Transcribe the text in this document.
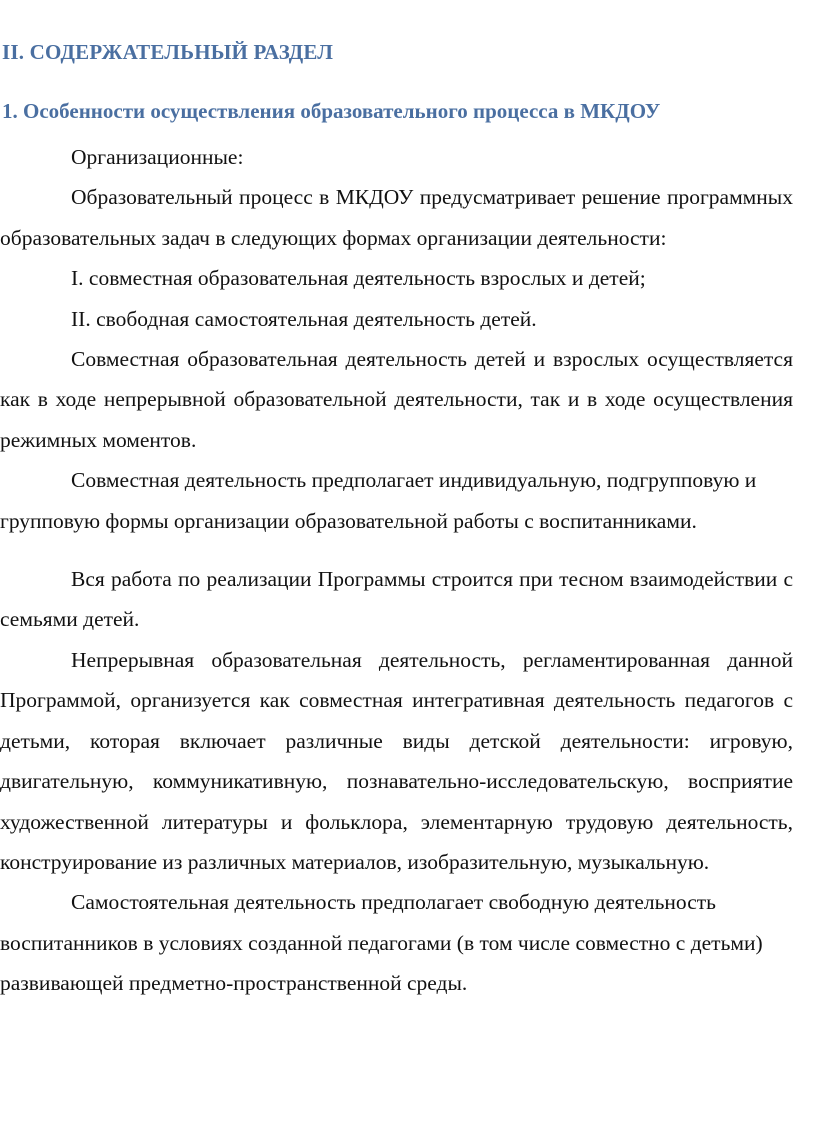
II. СОДЕРЖАТЕЛЬНЫЙ РАЗДЕЛ
1. Особенности осуществления образовательного процесса в МКДОУ

Организационные:

Образовательный процесс в МКДОУ предусматривает решение программных образовательных задач в следующих формах организации деятельности:

I. совместная образовательная деятельность взрослых и детей;

II. свободная самостоятельная деятельность детей.

Совместная образовательная деятельность детей и взрослых осуществляется как в ходе непрерывной образовательной деятельности, так и в ходе осуществления режимных моментов.

Совместная деятельность предполагает индивидуальную, подгрупповую и групповую формы организации образовательной работы с воспитанниками.

Вся работа по реализации Программы строится при тесном взаимодействии с семьями детей.

Непрерывная образовательная деятельность, регламентированная данной Программой, организуется как совместная интегративная деятельность педагогов с детьми, которая включает различные виды детской деятельности: игровую, двигательную, коммуникативную, познавательно-исследовательскую, восприятие художественной литературы и фольклора, элементарную трудовую деятельность, конструирование из различных материалов, изобразительную, музыкальную.

Самостоятельная деятельность предполагает свободную деятельность воспитанников в условиях созданной педагогами (в том числе совместно с детьми) развивающей предметно-пространственной среды.
